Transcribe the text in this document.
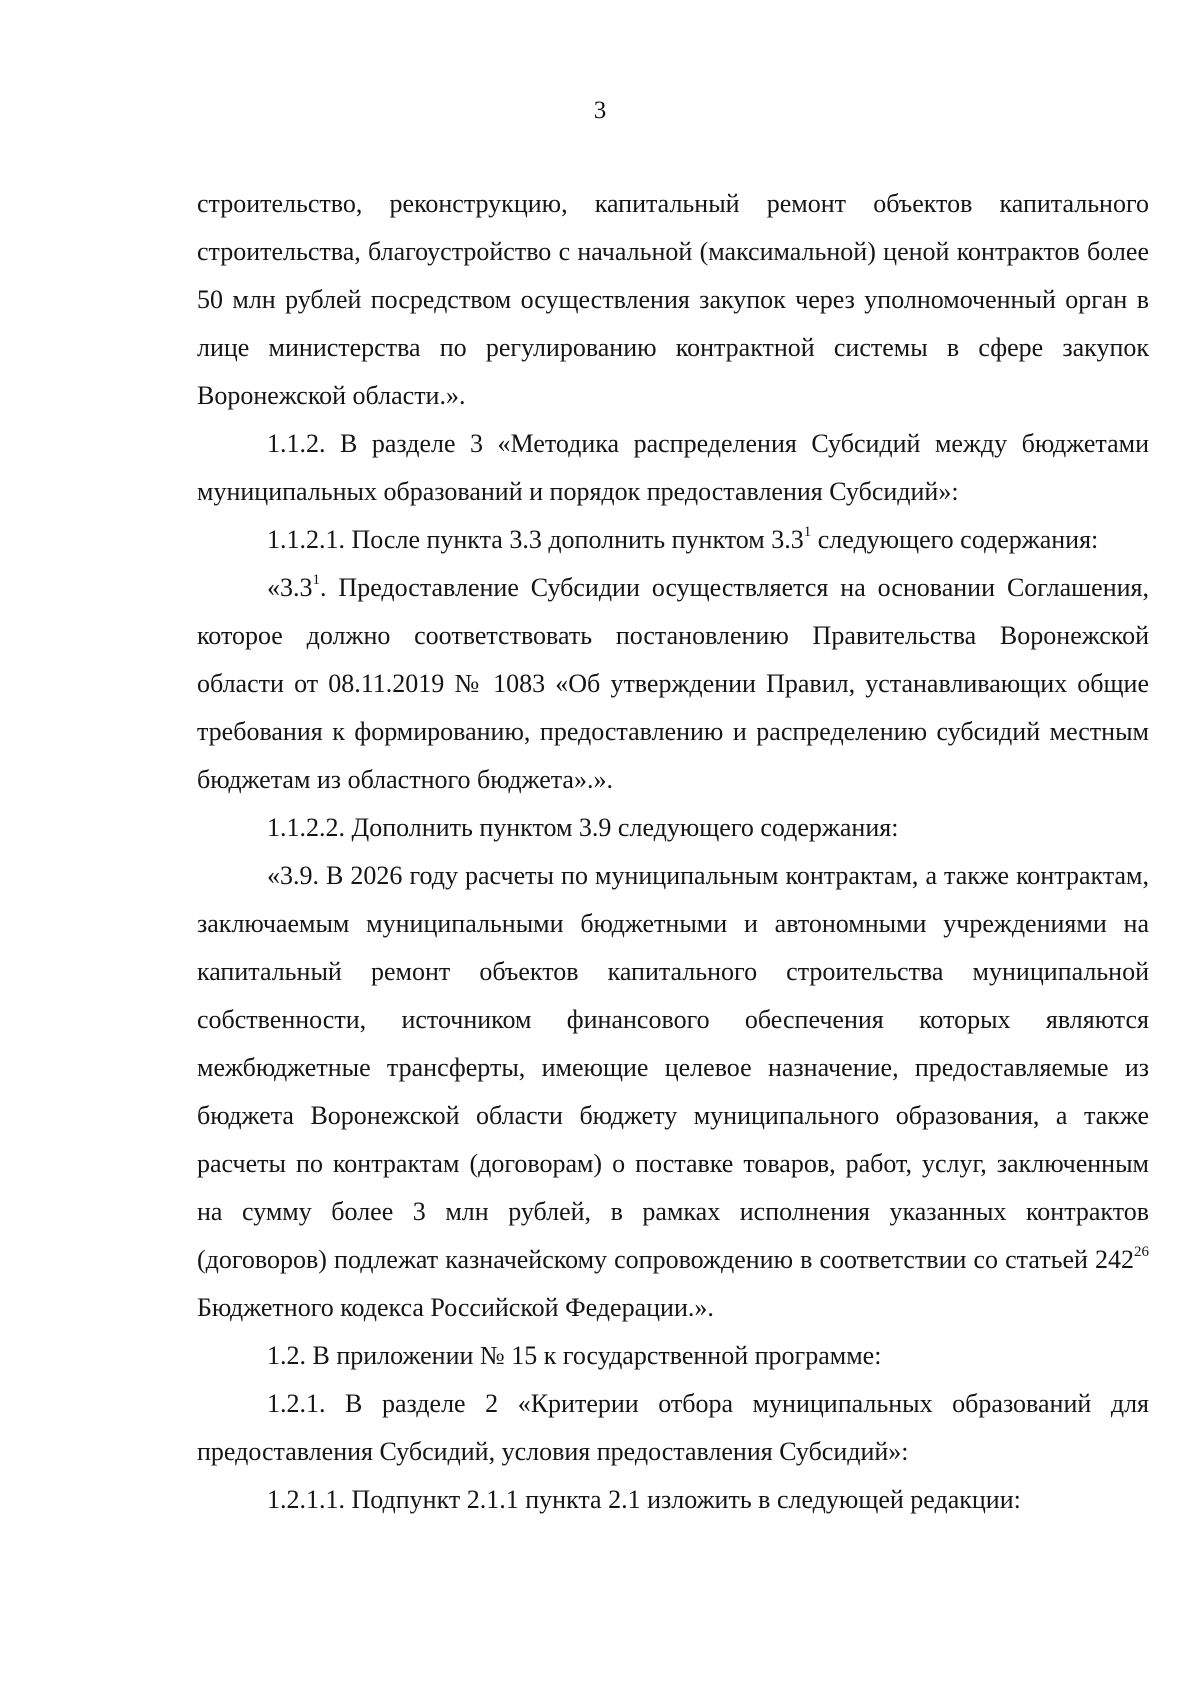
3

строительство, реконструкцию, капитальный ремонт объектов капитального строительства, благоустройство с начальной (максимальной) ценой контрактов более 50 млн рублей посредством осуществления закупок через уполномоченный орган в лице министерства по регулированию контрактной системы в сфере закупок Воронежской области.».

1.1.2. В разделе 3 «Методика распределения Субсидий между бюджетами муниципальных образований и порядок предоставления Субсидий»:

1.1.2.1. После пункта 3.3 дополнить пунктом $3.3^1$ следующего содержания:

«$3.3^1$. Предоставление Субсидии осуществляется на основании Соглашения, которое должно соответствовать постановлению Правительства Воронежской области от 08.11.2019 № 1083 «Об утверждении Правил, устанавливающих общие требования к формированию, предоставлению и распределению субсидий местным бюджетам из областного бюджета».».

1.1.2.2. Дополнить пунктом 3.9 следующего содержания:

«3.9. В 2026 году расчеты по муниципальным контрактам, а также контрактам, заключаемым муниципальными бюджетными и автономными учреждениями на капитальный ремонт объектов капитального строительства муниципальной собственности, источником финансового обеспечения которых являются межбюджетные трансферты, имеющие целевое назначение, предоставляемые из бюджета Воронежской области бюджету муниципального образования, а также расчеты по контрактам (договорам) о поставке товаров, работ, услуг, заключенным на сумму более 3 млн рублей, в рамках исполнения указанных контрактов (договоров) подлежат казначейскому сопровождению в соответствии со статьей $242^{26}$ Бюджетного кодекса Российской Федерации.».

1.2. В приложении № 15 к государственной программе:

1.2.1. В разделе 2 «Критерии отбора муниципальных образований для предоставления Субсидий, условия предоставления Субсидий»:

1.2.1.1. Подпункт 2.1.1 пункта 2.1 изложить в следующей редакции:
